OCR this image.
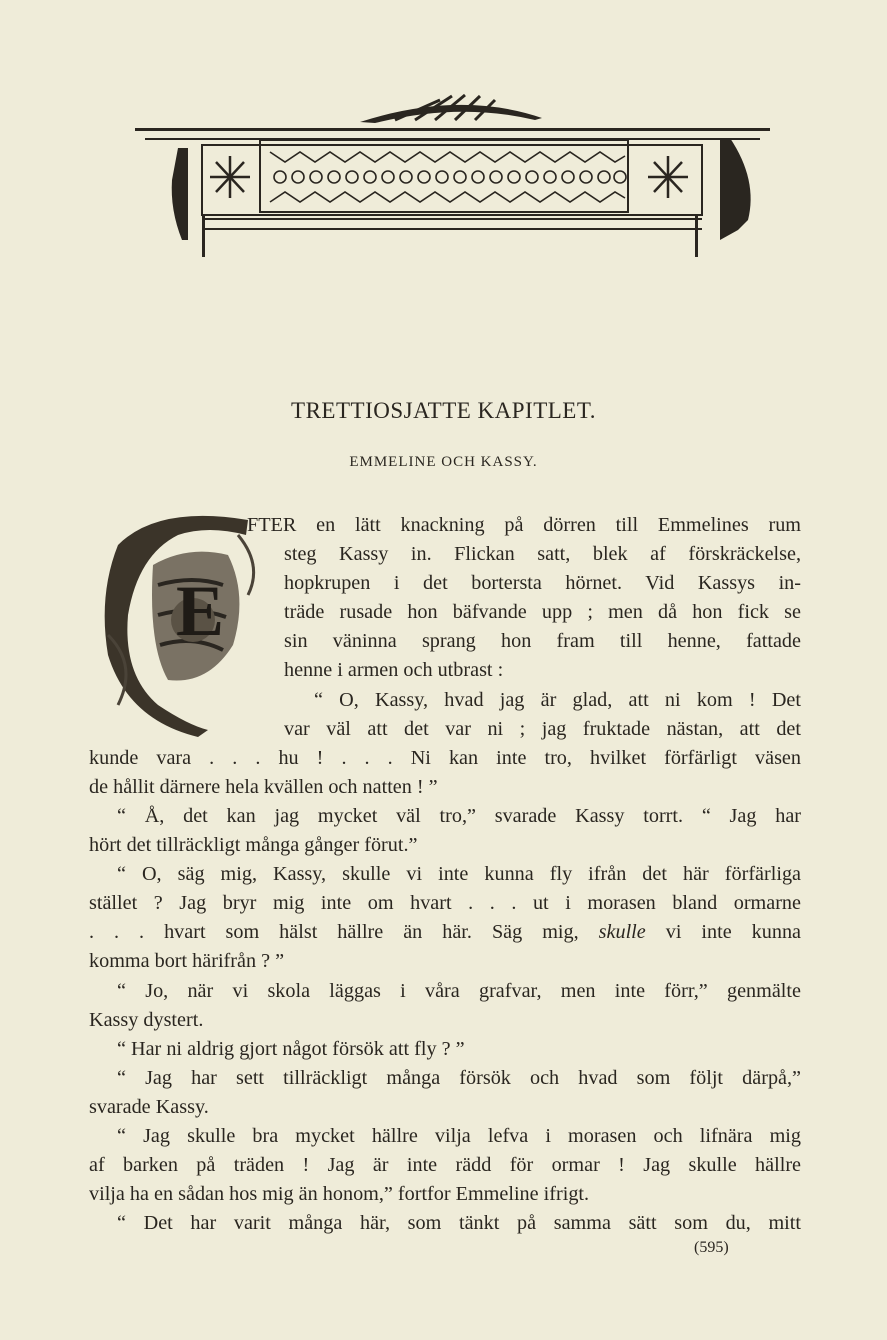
TRETTIOSJATTE KAPITLET.
EMMELINE OCH KASSY.
E
FTER en lätt knackning på dörren till Emmelines rum
steg Kassy in. Flickan satt, blek af förskräckelse,
hopkrupen i det bortersta hörnet. Vid Kassys in-
träde rusade hon bäfvande upp ; men då hon fick se
sin väninna sprang hon fram till henne, fattade
henne i armen och utbrast :
“ O, Kassy, hvad jag är glad, att ni kom ! Det
var väl att det var ni ; jag fruktade nästan, att det
kunde vara . . . hu ! . . . Ni kan inte tro, hvilket förfärligt väsen
de hållit därnere hela kvällen och natten ! ”
“ Å, det kan jag mycket väl tro,” svarade Kassy torrt. “ Jag har
hört det tillräckligt många gånger förut.”
“ O, säg mig, Kassy, skulle vi inte kunna fly ifrån det här förfärliga
stället ? Jag bryr mig inte om hvart . . . ut i morasen bland ormarne
. . . hvart som hälst hällre än här. Säg mig, skulle vi inte kunna
komma bort härifrån ? ”
“ Jo, när vi skola läggas i våra grafvar, men inte förr,” genmälte
Kassy dystert.
“ Har ni aldrig gjort något försök att fly ? ”
“ Jag har sett tillräckligt många försök och hvad som följt därpå,”
svarade Kassy.
“ Jag skulle bra mycket hällre vilja lefva i morasen och lifnära mig
af barken på träden ! Jag är inte rädd för ormar ! Jag skulle hällre
vilja ha en sådan hos mig än honom,” fortfor Emmeline ifrigt.
“ Det har varit många här, som tänkt på samma sätt som du, mitt
(595)
